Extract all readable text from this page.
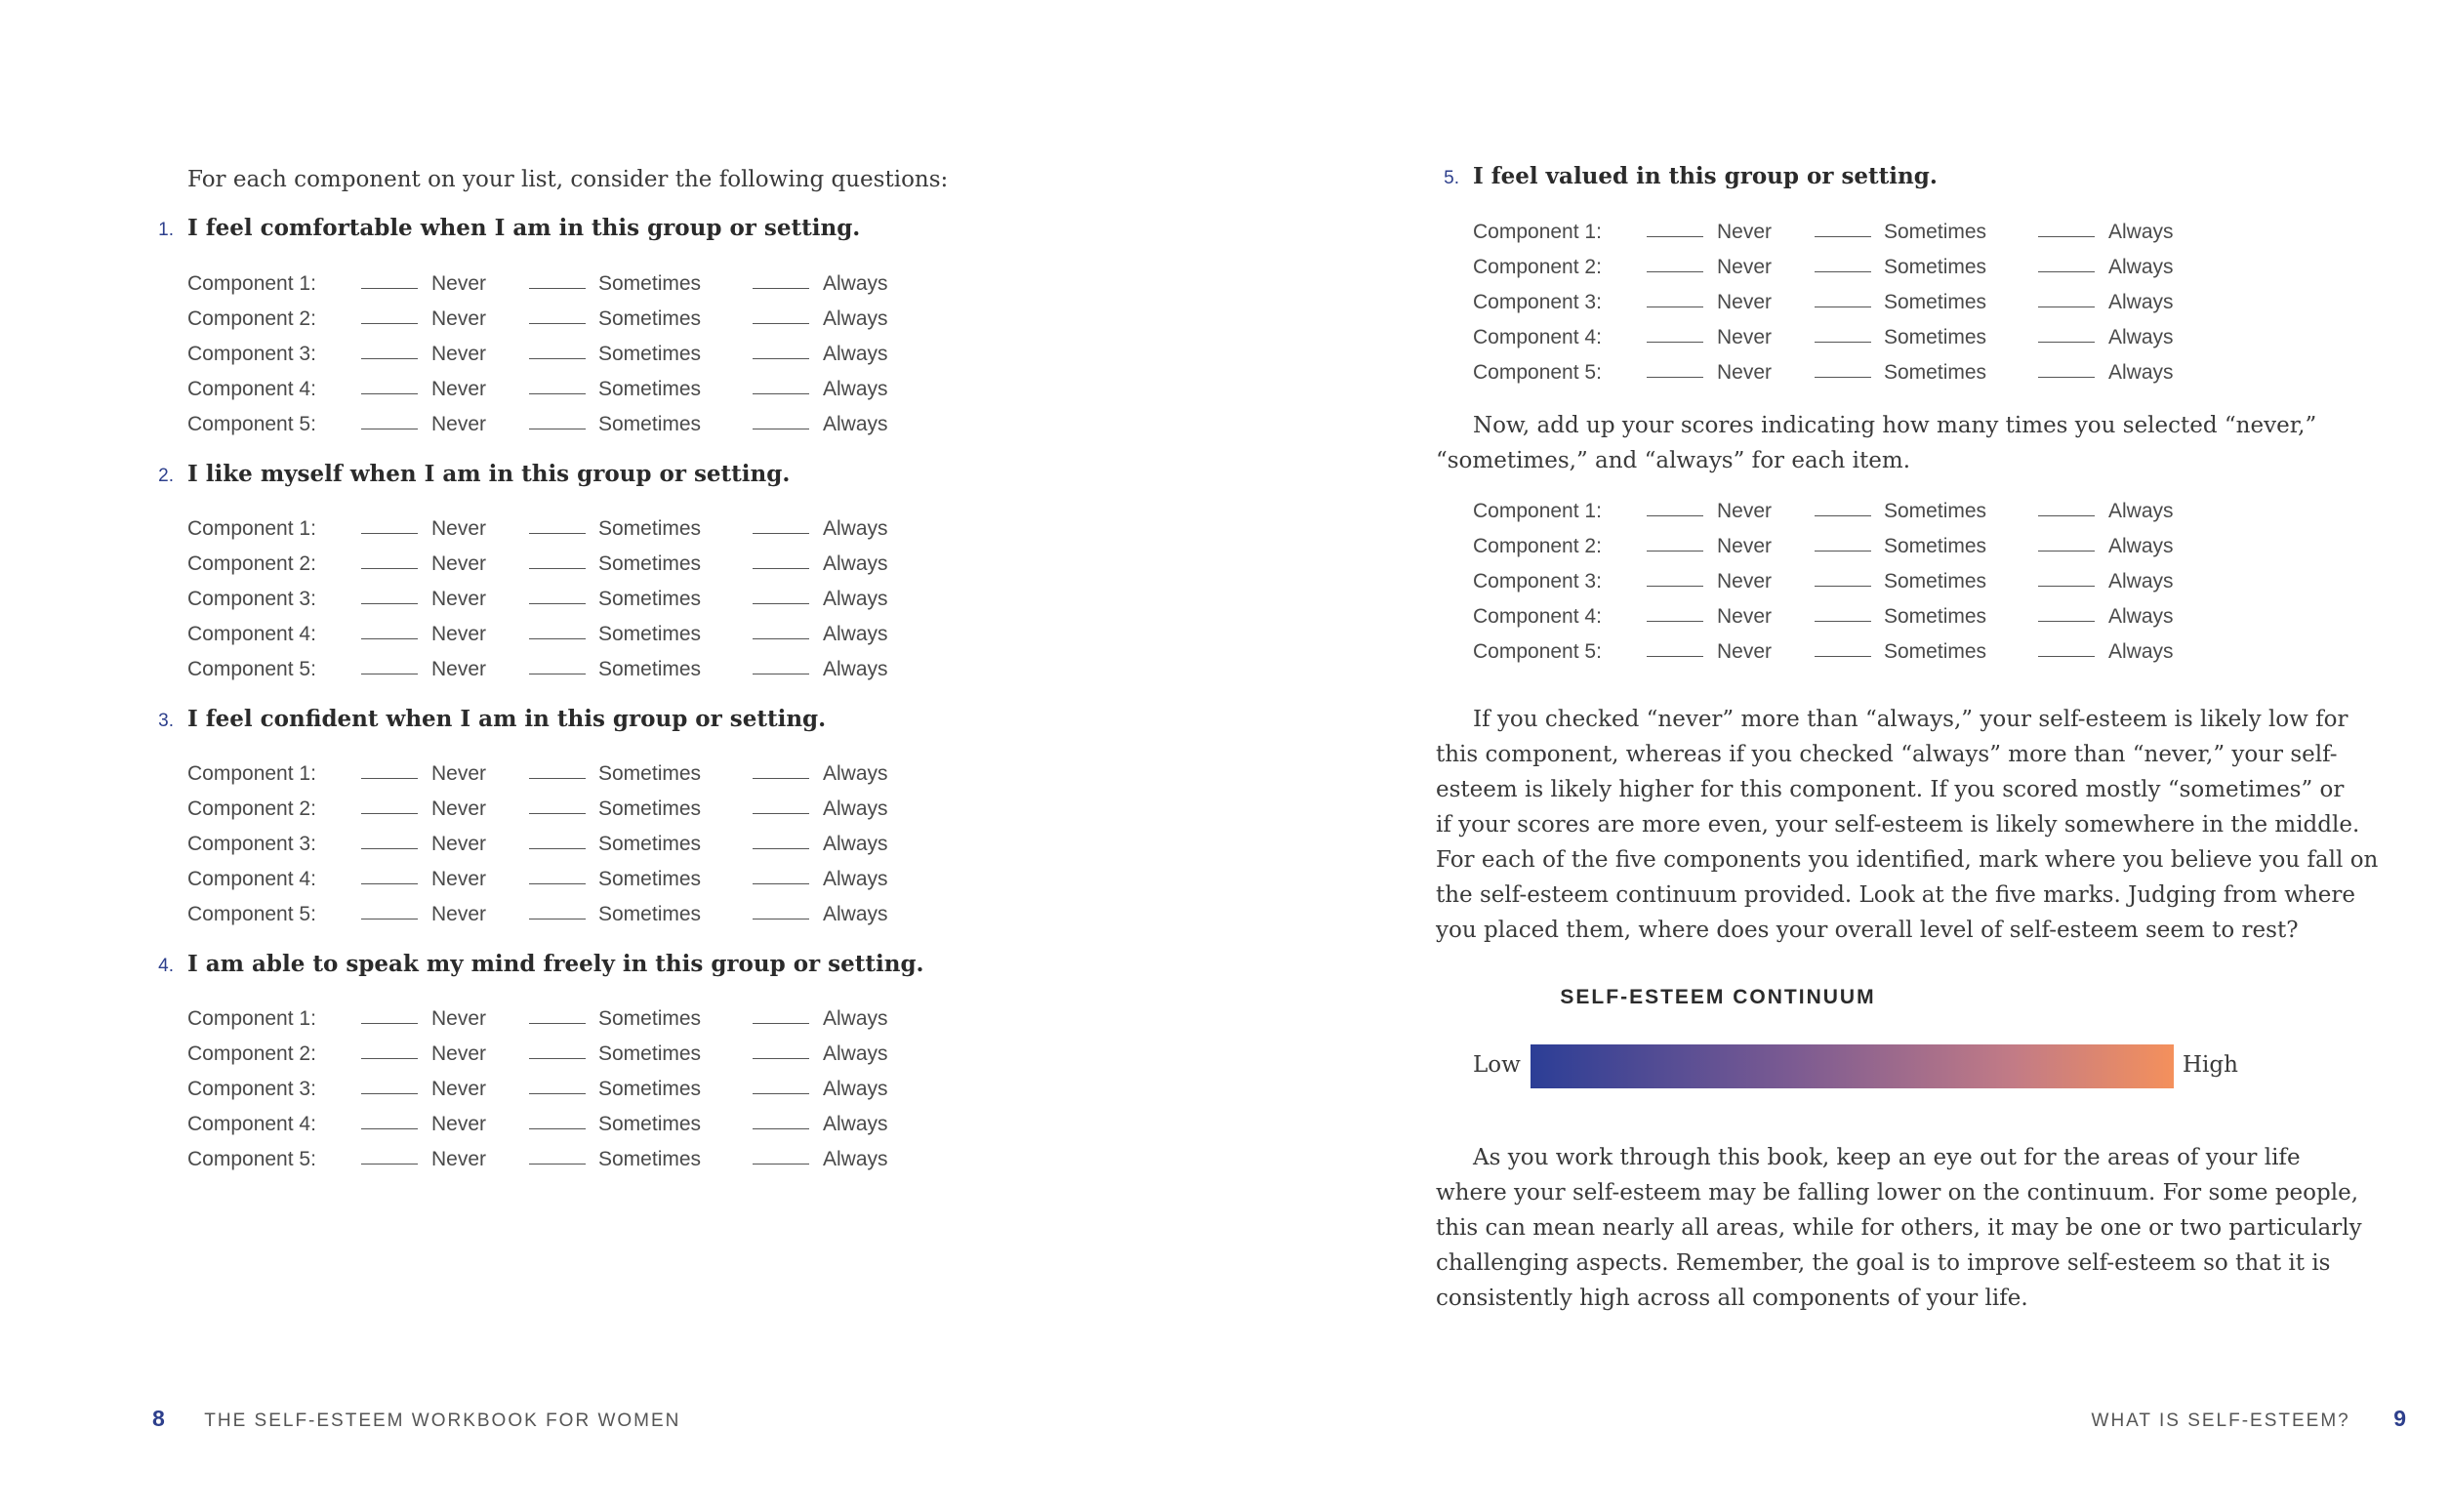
For each component on your list, consider the following questions:
1. I feel comfortable when I am in this group or setting.
Component 1:	Never	Sometimes	Always
Component 2:	Never	Sometimes	Always
Component 3:	Never	Sometimes	Always
Component 4:	Never	Sometimes	Always
Component 5:	Never	Sometimes	Always
2. I like myself when I am in this group or setting.
Component 1:	Never	Sometimes	Always
Component 2:	Never	Sometimes	Always
Component 3:	Never	Sometimes	Always
Component 4:	Never	Sometimes	Always
Component 5:	Never	Sometimes	Always
3. I feel confident when I am in this group or setting.
Component 1:	Never	Sometimes	Always
Component 2:	Never	Sometimes	Always
Component 3:	Never	Sometimes	Always
Component 4:	Never	Sometimes	Always
Component 5:	Never	Sometimes	Always
4. I am able to speak my mind freely in this group or setting.
Component 1:	Never	Sometimes	Always
Component 2:	Never	Sometimes	Always
Component 3:	Never	Sometimes	Always
Component 4:	Never	Sometimes	Always
Component 5:	Never	Sometimes	Always
8 THE SELF-ESTEEM WORKBOOK FOR WOMEN
5. I feel valued in this group or setting.
Component 1:	Never	Sometimes	Always
Component 2:	Never	Sometimes	Always
Component 3:	Never	Sometimes	Always
Component 4:	Never	Sometimes	Always
Component 5:	Never	Sometimes	Always

Now, add up your scores indicating how many times you selected “never,”
“sometimes,” and “always” for each item.

Component 1:	Never	Sometimes	Always
Component 2:	Never	Sometimes	Always
Component 3:	Never	Sometimes	Always
Component 4:	Never	Sometimes	Always
Component 5:	Never	Sometimes	Always

If you checked “never” more than “always,” your self-esteem is likely low for
this component, whereas if you checked “always” more than “never,” your self-
esteem is likely higher for this component. If you scored mostly “sometimes” or
if your scores are more even, your self-esteem is likely somewhere in the middle.
For each of the five components you identified, mark where you believe you fall on
the self-esteem continuum provided. Look at the five marks. Judging from where
you placed them, where does your overall level of self-esteem seem to rest?

SELF-ESTEEM CONTINUUM
Low	High

As you work through this book, keep an eye out for the areas of your life
where your self-esteem may be falling lower on the continuum. For some people,
this can mean nearly all areas, while for others, it may be one or two particularly
challenging aspects. Remember, the goal is to improve self-esteem so that it is
consistently high across all components of your life.

WHAT IS SELF-ESTEEM? 9
